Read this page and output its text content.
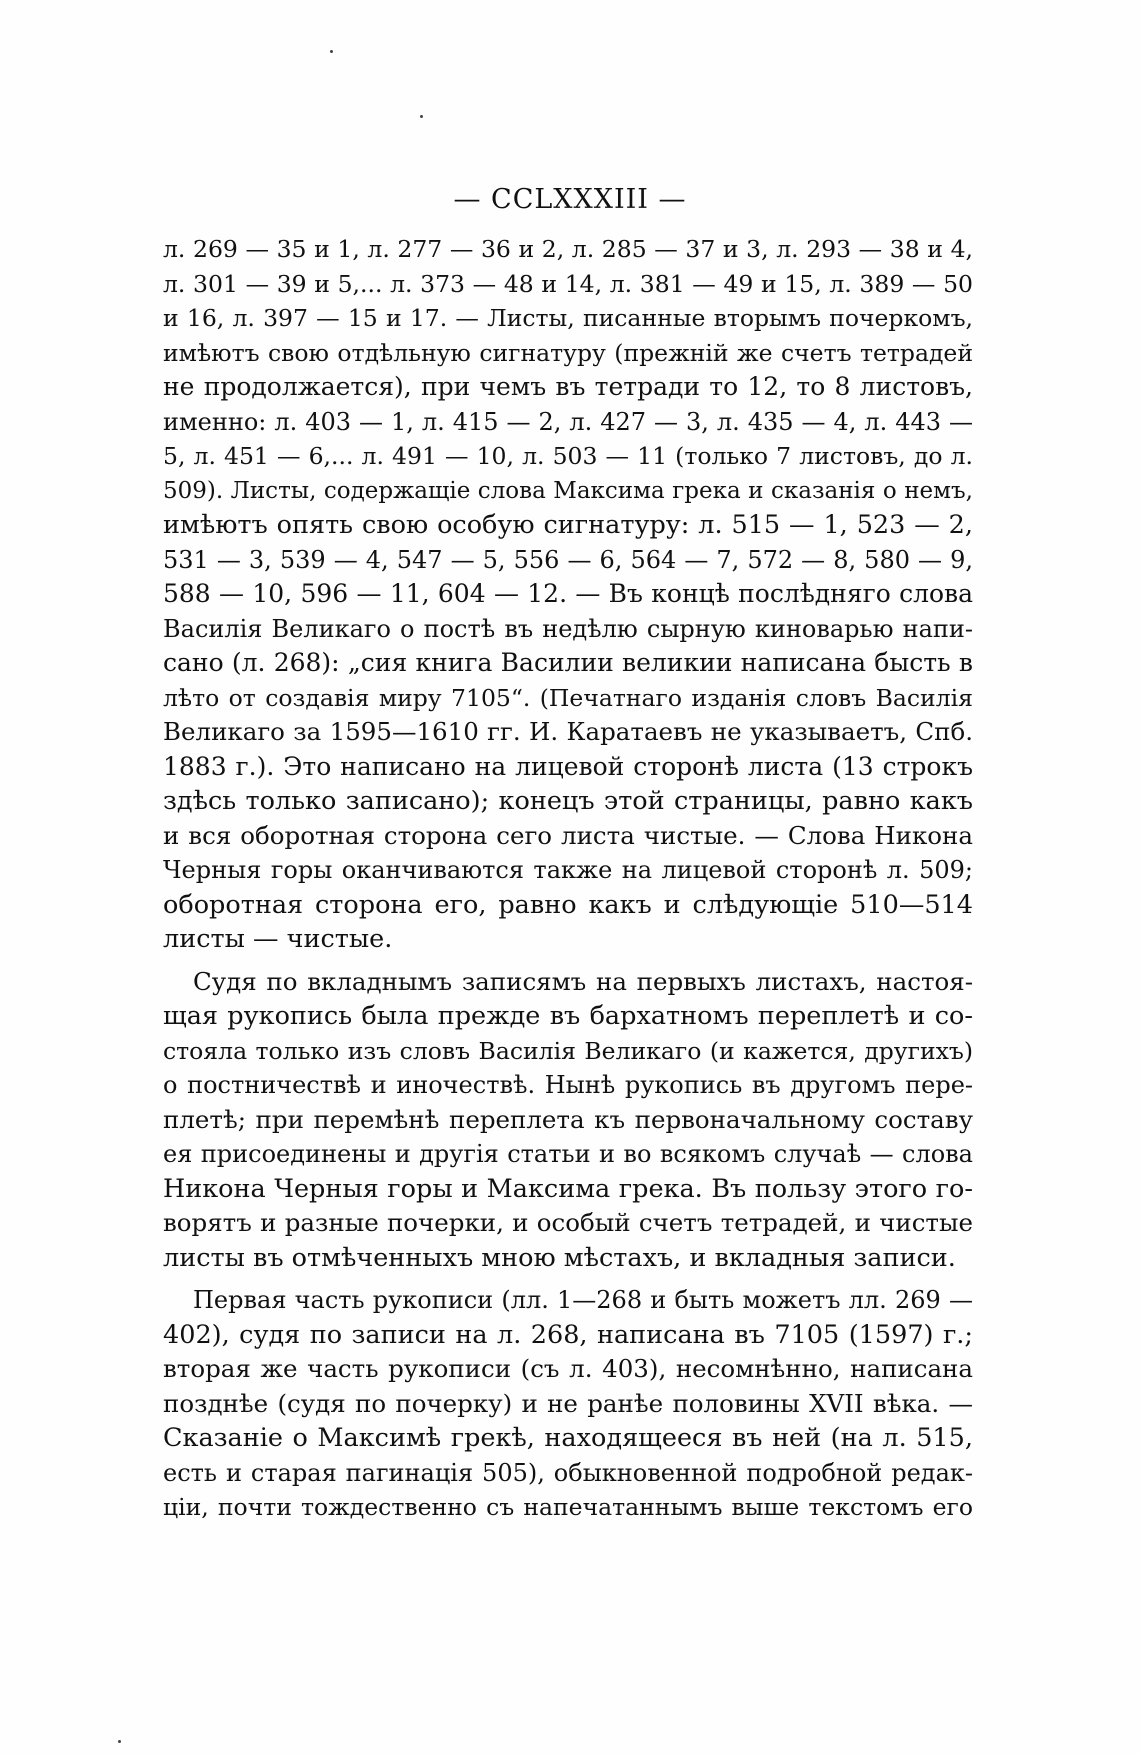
— CCLXXXIII —
л. 269 — 35 и 1, л. 277 — 36 и 2, л. 285 — 37 и 3, л. 293 — 38 и 4,
л. 301 — 39 и 5,... л. 373 — 48 и 14, л. 381 — 49 и 15, л. 389 — 50
и 16, л. 397 — 15 и 17. — Листы, писанные вторымъ почеркомъ,
имѣютъ свою отдѣльную сигнатуру (прежній же счетъ тетрадей
не продолжается), при чемъ въ тетради то 12, то 8 листовъ,
именно: л. 403 — 1, л. 415 — 2, л. 427 — 3, л. 435 — 4, л. 443 —
5, л. 451 — 6,... л. 491 — 10, л. 503 — 11 (только 7 листовъ, до л.
509). Листы, содержащіе слова Максима грека и сказанія о немъ,
имѣютъ опять свою особую сигнатуру: л. 515 — 1, 523 — 2,
531 — 3, 539 — 4, 547 — 5, 556 — 6, 564 — 7, 572 — 8, 580 — 9,
588 — 10, 596 — 11, 604 — 12. — Въ концѣ послѣдняго слова
Василія Великаго о постѣ въ недѣлю сырную киноварью напи-
сано (л. 268): „сия книга Василии великии написана бысть в
лѣто от создавія миру 7105“. (Печатнаго изданія словъ Василія
Великаго за 1595—1610 гг. И. Каратаевъ не указываетъ, Спб.
1883 г.). Это написано на лицевой сторонѣ листа (13 строкъ
здѣсь только записано); конецъ этой страницы, равно какъ
и вся оборотная сторона сего листа чистые. — Слова Никона
Черныя горы оканчиваются также на лицевой сторонѣ л. 509;
оборотная сторона его, равно какъ и слѣдующіе 510—514
листы — чистые.
Судя по вкладнымъ записямъ на первыхъ листахъ, настоя-
щая рукопись была прежде въ бархатномъ переплетѣ и со-
стояла только изъ словъ Василія Великаго (и кажется, другихъ)
о постничествѣ и иночествѣ. Нынѣ рукопись въ другомъ пере-
плетѣ; при перемѣнѣ переплета къ первоначальному составу
ея присоединены и другія статьи и во всякомъ случаѣ — слова
Никона Черныя горы и Максима грека. Въ пользу этого го-
ворятъ и разные почерки, и особый счетъ тетрадей, и чистые
листы въ отмѣченныхъ мною мѣстахъ, и вкладныя записи.
Первая часть рукописи (лл. 1—268 и быть можетъ лл. 269 —
402), судя по записи на л. 268, написана въ 7105 (1597) г.;
вторая же часть рукописи (съ л. 403), несомнѣнно, написана
позднѣе (судя по почерку) и не ранѣе половины XVII вѣка. —
Сказаніе о Максимѣ грекѣ, находящееся въ ней (на л. 515,
есть и старая пагинація 505), обыкновенной подробной редак-
ціи, почти тождественно съ напечатаннымъ выше текстомъ его
